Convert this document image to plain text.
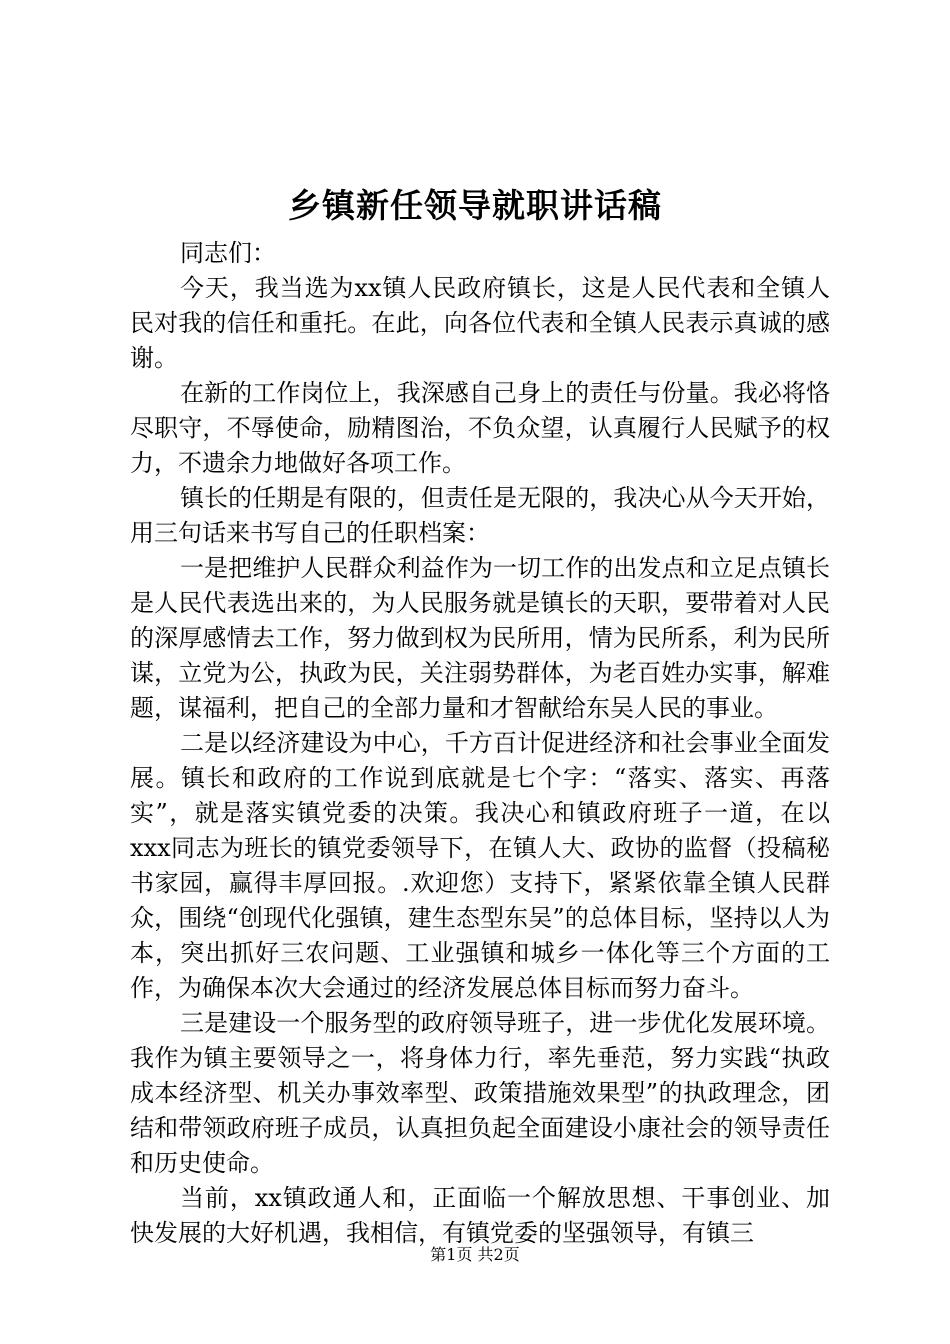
乡镇新任领导就职讲话稿

同志们：

今天，我当选为xx镇人民政府镇长，这是人民代表和全镇人民对我的信任和重托。在此，向各位代表和全镇人民表示真诚的感谢。

在新的工作岗位上，我深感自己身上的责任与份量。我必将恪尽职守，不辱使命，励精图治，不负众望，认真履行人民赋予的权力，不遗余力地做好各项工作。

镇长的任期是有限的，但责任是无限的，我决心从今天开始，用三句话来书写自己的任职档案：

一是把维护人民群众利益作为一切工作的出发点和立足点镇长是人民代表选出来的，为人民服务就是镇长的天职，要带着对人民的深厚感情去工作，努力做到权为民所用，情为民所系，利为民所谋，立党为公，执政为民，关注弱势群体，为老百姓办实事，解难题，谋福利，把自己的全部力量和才智献给东吴人民的事业。

二是以经济建设为中心，千方百计促进经济和社会事业全面发展。镇长和政府的工作说到底就是七个字：“落实、落实、再落实”，就是落实镇党委的决策。我决心和镇政府班子一道，在以xxx同志为班长的镇党委领导下，在镇人大、政协的监督（投稿秘书家园，赢得丰厚回报。.欢迎您）支持下，紧紧依靠全镇人民群众，围绕“创现代化强镇，建生态型东吴”的总体目标，坚持以人为本，突出抓好三农问题、工业强镇和城乡一体化等三个方面的工作，为确保本次大会通过的经济发展总体目标而努力奋斗。

三是建设一个服务型的政府领导班子，进一步优化发展环境。我作为镇主要领导之一，将身体力行，率先垂范，努力实践“执政成本经济型、机关办事效率型、政策措施效果型”的执政理念，团结和带领政府班子成员，认真担负起全面建设小康社会的领导责任和历史使命。

当前，xx镇政通人和，正面临一个解放思想、干事创业、加快发展的大好机遇，我相信，有镇党委的坚强领导，有镇三

第1页 共2页
